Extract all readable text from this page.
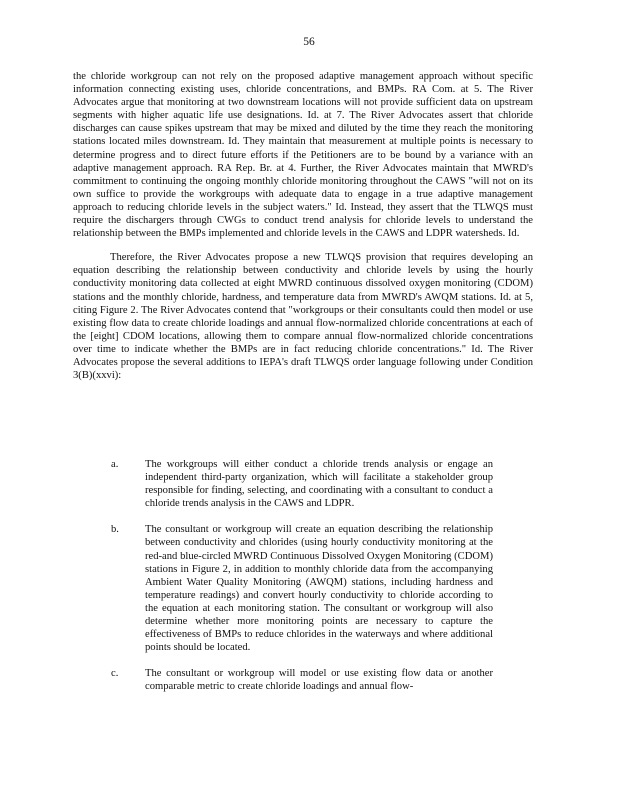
56

the chloride workgroup can not rely on the proposed adaptive management approach without specific information connecting existing uses, chloride concentrations, and BMPs. RA Com. at 5. The River Advocates argue that monitoring at two downstream locations will not provide sufficient data on upstream segments with higher aquatic life use designations. Id. at 7. The River Advocates assert that chloride discharges can cause spikes upstream that may be mixed and diluted by the time they reach the monitoring stations located miles downstream. Id. They maintain that measurement at multiple points is necessary to determine progress and to direct future efforts if the Petitioners are to be bound by a variance with an adaptive management approach. RA Rep. Br. at 4. Further, the River Advocates maintain that MWRD's commitment to continuing the ongoing monthly chloride monitoring throughout the CAWS "will not on its own suffice to provide the workgroups with adequate data to engage in a true adaptive management approach to reducing chloride levels in the subject waters." Id. Instead, they assert that the TLWQS must require the dischargers through CWGs to conduct trend analysis for chloride levels to understand the relationship between the BMPs implemented and chloride levels in the CAWS and LDPR watersheds. Id.

Therefore, the River Advocates propose a new TLWQS provision that requires developing an equation describing the relationship between conductivity and chloride levels by using the hourly conductivity monitoring data collected at eight MWRD continuous dissolved oxygen monitoring (CDOM) stations and the monthly chloride, hardness, and temperature data from MWRD's AWQM stations. Id. at 5, citing Figure 2. The River Advocates contend that "workgroups or their consultants could then model or use existing flow data to create chloride loadings and annual flow-normalized chloride concentrations at each of the [eight] CDOM locations, allowing them to compare annual flow-normalized chloride concentrations over time to indicate whether the BMPs are in fact reducing chloride concentrations." Id. The River Advocates propose the several additions to IEPA's draft TLWQS order language following under Condition 3(B)(xxvi):

a.	The workgroups will either conduct a chloride trends analysis or engage an independent third-party organization, which will facilitate a stakeholder group responsible for finding, selecting, and coordinating with a consultant to conduct a chloride trends analysis in the CAWS and LDPR.
b.	The consultant or workgroup will create an equation describing the relationship between conductivity and chlorides (using hourly conductivity monitoring at the red-and blue-circled MWRD Continuous Dissolved Oxygen Monitoring (CDOM) stations in Figure 2, in addition to monthly chloride data from the accompanying Ambient Water Quality Monitoring (AWQM) stations, including hardness and temperature readings) and convert hourly conductivity to chloride according to the equation at each monitoring station. The consultant or workgroup will also determine whether more monitoring points are necessary to capture the effectiveness of BMPs to reduce chlorides in the waterways and where additional points should be located.
c.	The consultant or workgroup will model or use existing flow data or another comparable metric to create chloride loadings and annual flow-
